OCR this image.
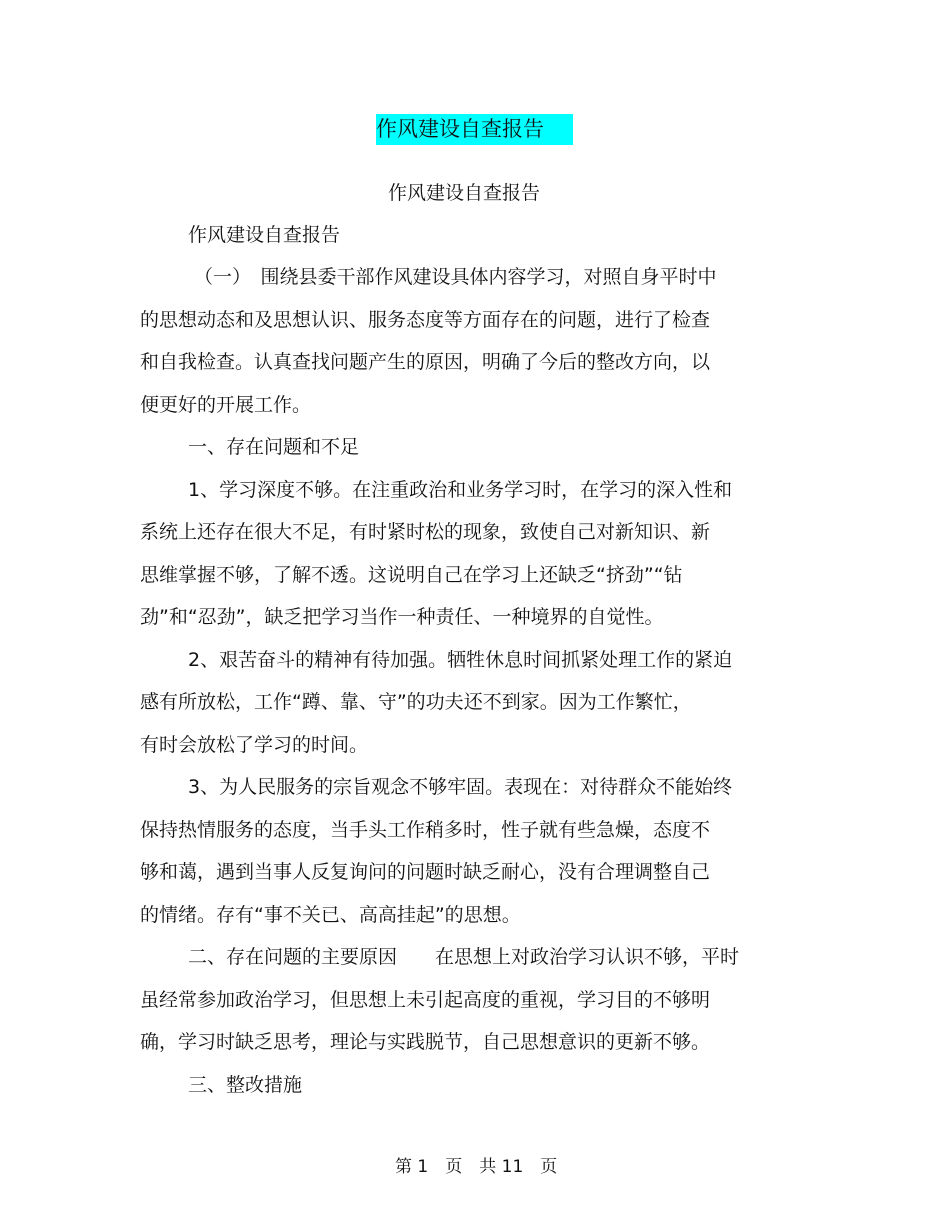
作风建设自查报告
作风建设自查报告
作风建设自查报告
（一）　围绕县委干部作风建设具体内容学习，对照自身平时中
的思想动态和及思想认识、服务态度等方面存在的问题，进行了检查
和自我检查。认真查找问题产生的原因，明确了今后的整改方向，以
便更好的开展工作。
一、存在问题和不足
1、学习深度不够。在注重政治和业务学习时，在学习的深入性和
系统上还存在很大不足，有时紧时松的现象，致使自己对新知识、新
思维掌握不够，了解不透。这说明自己在学习上还缺乏“挤劲”“钻
劲”和“忍劲”，缺乏把学习当作一种责任、一种境界的自觉性。
2、艰苦奋斗的精神有待加强。牺牲休息时间抓紧处理工作的紧迫
感有所放松，工作“蹲、靠、守”的功夫还不到家。因为工作繁忙，
有时会放松了学习的时间。
3、为人民服务的宗旨观念不够牢固。表现在：对待群众不能始终
保持热情服务的态度，当手头工作稍多时，性子就有些急燥，态度不
够和蔼，遇到当事人反复询问的问题时缺乏耐心，没有合理调整自己
的情绪。存有“事不关已、高高挂起”的思想。
二、存在问题的主要原因　　在思想上对政治学习认识不够，平时
虽经常参加政治学习，但思想上未引起高度的重视，学习目的不够明
确，学习时缺乏思考，理论与实践脱节，自己思想意识的更新不够。
三、整改措施
第 1　页　共 11　页
